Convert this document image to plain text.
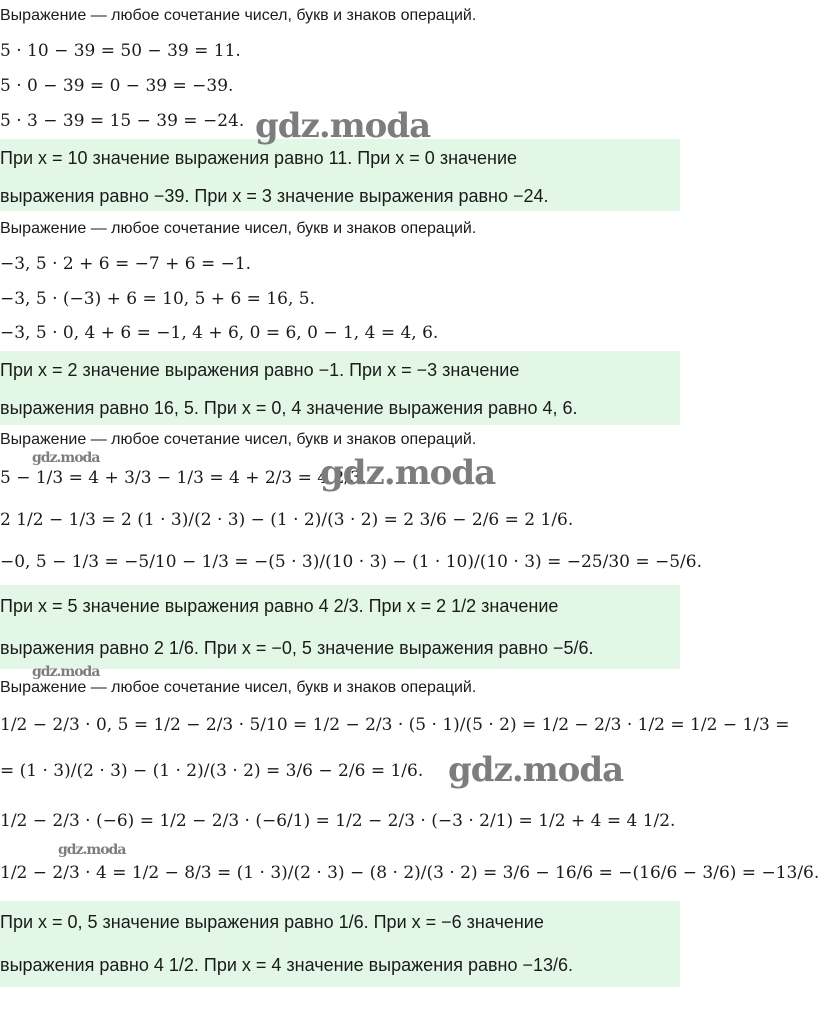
Выражение — любое сочетание чисел, букв и знаков операций.
5 · 10 − 39 = 50 − 39 = 11.
5 · 0 − 39 = 0 − 39 = −39.
5 · 3 − 39 = 15 − 39 = −24.
При x = 10 значение выражения равно 11. При x = 0 значение
выражения равно −39. При x = 3 значение выражения равно −24.
Выражение — любое сочетание чисел, букв и знаков операций.
−3, 5 · 2 + 6 = −7 + 6 = −1.
−3, 5 · (−3) + 6 = 10, 5 + 6 = 16, 5.
−3, 5 · 0, 4 + 6 = −1, 4 + 6, 0 = 6, 0 − 1, 4 = 4, 6.
При x = 2 значение выражения равно −1. При x = −3 значение
выражения равно 16, 5. При x = 0, 4 значение выражения равно 4, 6.
Выражение — любое сочетание чисел, букв и знаков операций.
5 − 1/3 = 4 + 3/3 − 1/3 = 4 + 2/3 = 4 2/3.
2 1/2 − 1/3 = 2 (1 · 3)/(2 · 3) − (1 · 2)/(3 · 2) = 2 3/6 − 2/6 = 2 1/6.
−0, 5 − 1/3 = −5/10 − 1/3 = −(5 · 3)/(10 · 3) − (1 · 10)/(10 · 3) = −25/30 = −5/6.
При x = 5 значение выражения равно 4 2/3. При x = 2 1/2 значение
выражения равно 2 1/6. При x = −0, 5 значение выражения равно −5/6.
Выражение — любое сочетание чисел, букв и знаков операций.
1/2 − 2/3 · 0, 5 = 1/2 − 2/3 · 5/10 = 1/2 − 2/3 · (5 · 1)/(5 · 2) = 1/2 − 2/3 · 1/2 = 1/2 − 1/3 =
= (1 · 3)/(2 · 3) − (1 · 2)/(3 · 2) = 3/6 − 2/6 = 1/6.
1/2 − 2/3 · (−6) = 1/2 − 2/3 · (−6/1) = 1/2 − 2/3 · (−3 · 2/1) = 1/2 + 4 = 4 1/2.
1/2 − 2/3 · 4 = 1/2 − 8/3 = (1 · 3)/(2 · 3) − (8 · 2)/(3 · 2) = 3/6 − 16/6 = −(16/6 − 3/6) = −13/6.
При x = 0, 5 значение выражения равно 1/6. При x = −6 значение
выражения равно 4 1/2. При x = 4 значение выражения равно −13/6.
gdz.moda
gdz.moda
gdz.moda
gdz.moda
gdz.moda
gdz.moda
